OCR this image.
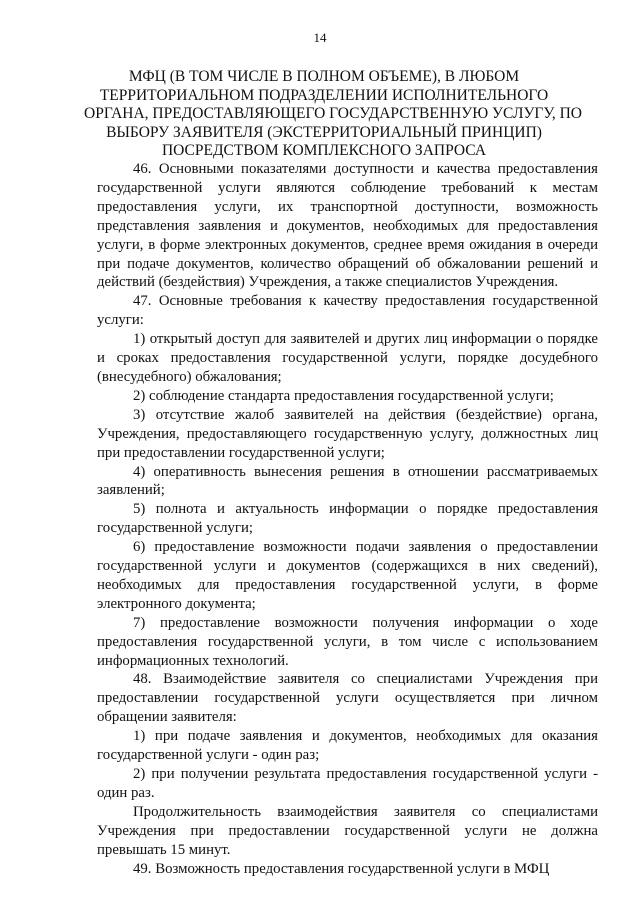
14
МФЦ (В ТОМ ЧИСЛЕ В ПОЛНОМ ОБЪЕМЕ), В ЛЮБОМ
ТЕРРИТОРИАЛЬНОМ ПОДРАЗДЕЛЕНИИ ИСПОЛНИТЕЛЬНОГО
ОРГАНА, ПРЕДОСТАВЛЯЮЩЕГО ГОСУДАРСТВЕННУЮ УСЛУГУ, ПО
ВЫБОРУ ЗАЯВИТЕЛЯ (ЭКСТЕРРИТОРИАЛЬНЫЙ ПРИНЦИП)
ПОСРЕДСТВОМ КОМПЛЕКСНОГО ЗАПРОСА

46. Основными показателями доступности и качества предоставления государственной услуги являются соблюдение требований к местам предоставления услуги, их транспортной доступности, возможность представления заявления и документов, необходимых для предоставления услуги, в форме электронных документов, среднее время ожидания в очереди при подаче документов, количество обращений об обжаловании решений и действий (бездействия) Учреждения, а также специалистов Учреждения.

47. Основные требования к качеству предоставления государственной услуги:

1) открытый доступ для заявителей и других лиц информации о порядке и сроках предоставления государственной услуги, порядке досудебного (внесудебного) обжалования;

2) соблюдение стандарта предоставления государственной услуги;

3) отсутствие жалоб заявителей на действия (бездействие) органа, Учреждения, предоставляющего государственную услугу, должностных лиц при предоставлении государственной услуги;

4) оперативность вынесения решения в отношении рассматриваемых заявлений;

5) полнота и актуальность информации о порядке предоставления государственной услуги;

6) предоставление возможности подачи заявления о предоставлении государственной услуги и документов (содержащихся в них сведений), необходимых для предоставления государственной услуги, в форме электронного документа;

7) предоставление возможности получения информации о ходе предоставления государственной услуги, в том числе с использованием информационных технологий.

48. Взаимодействие заявителя со специалистами Учреждения при предоставлении государственной услуги осуществляется при личном обращении заявителя:

1) при подаче заявления и документов, необходимых для оказания государственной услуги - один раз;

2) при получении результата предоставления государственной услуги - один раз.

Продолжительность взаимодействия заявителя со специалистами Учреждения при предоставлении государственной услуги не должна превышать 15 минут.

49. Возможность предоставления государственной услуги в МФЦ
